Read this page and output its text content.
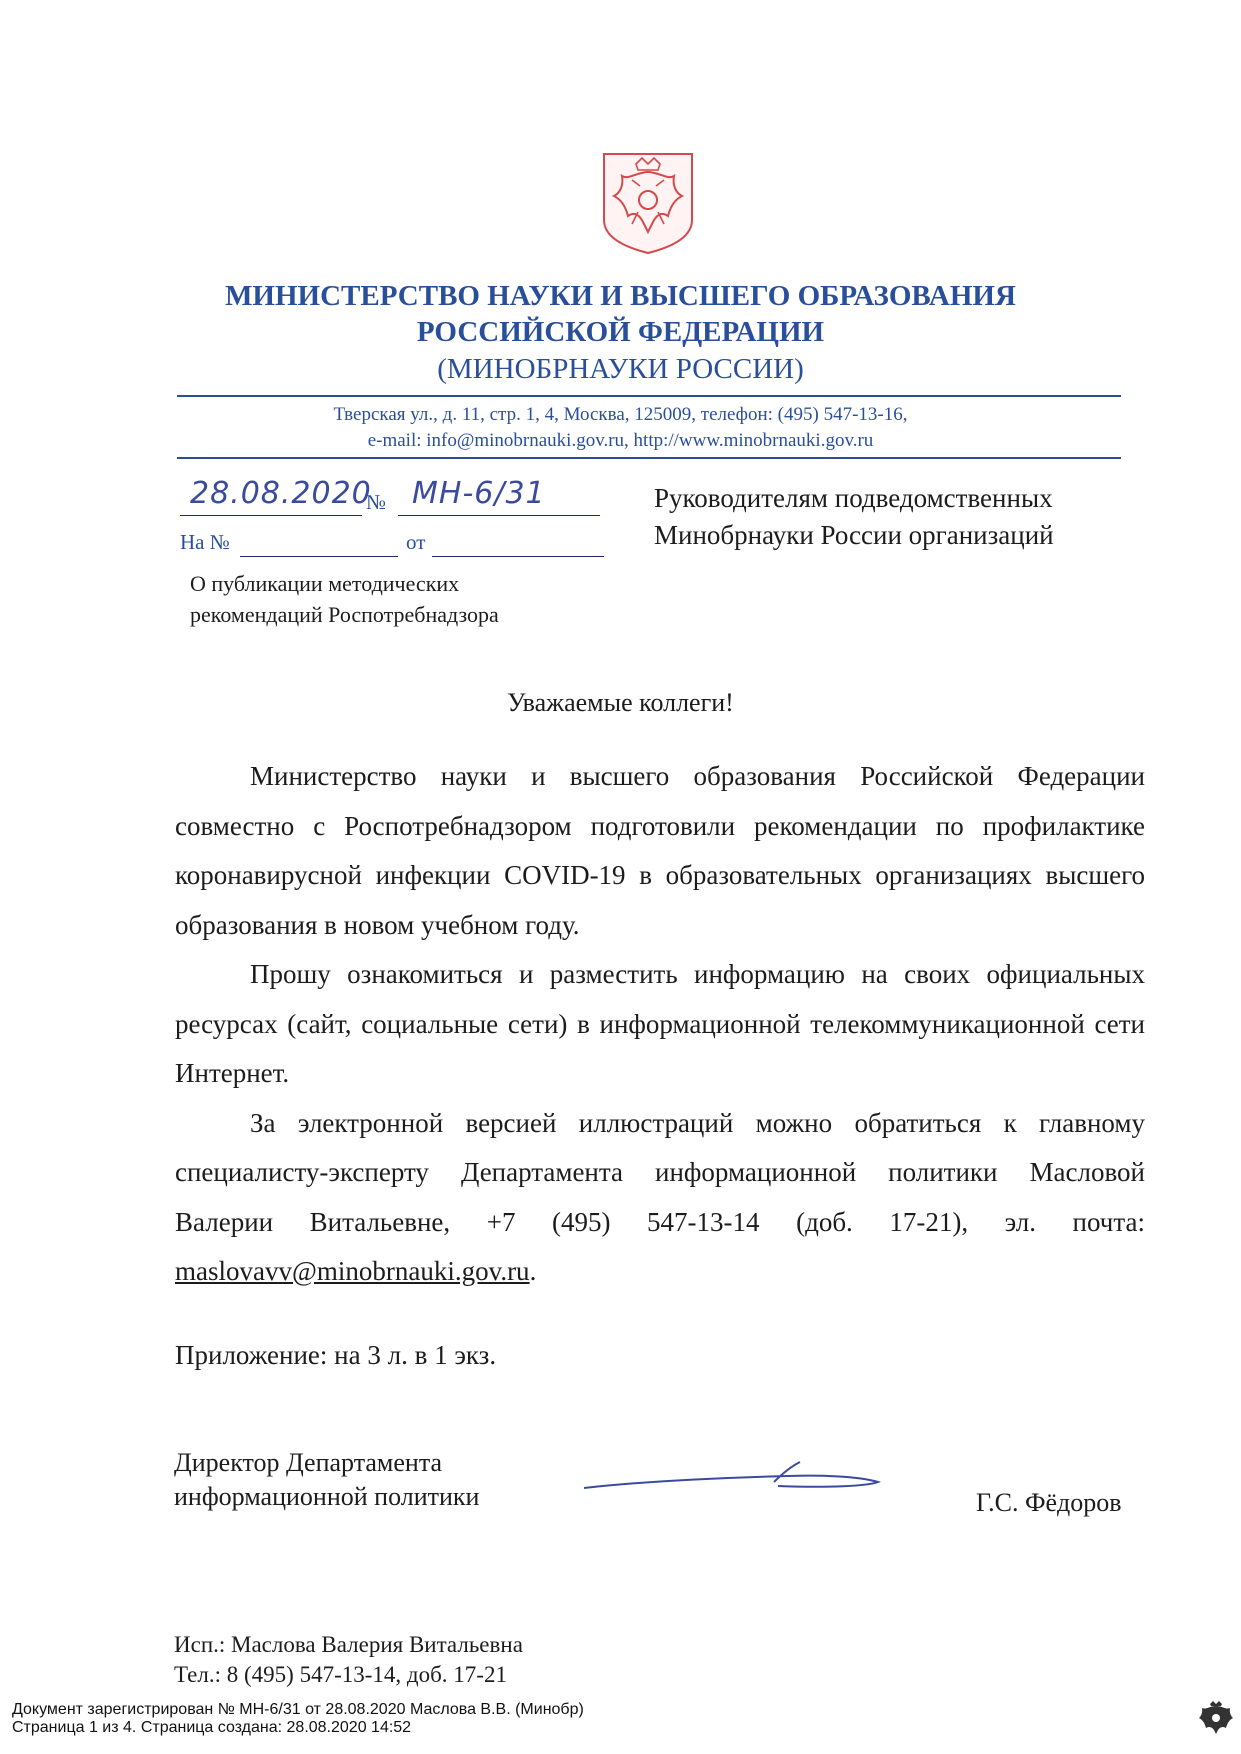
МИНИСТЕРСТВО НАУКИ И ВЫСШЕГО ОБРАЗОВАНИЯ
РОССИЙСКОЙ ФЕДЕРАЦИИ
(МИНОБРНАУКИ РОССИИ)
Тверская ул., д. 11, стр. 1, 4, Москва, 125009, телефон: (495) 547-13-16,
e-mail: info@minobrnauki.gov.ru, http://www.minobrnauki.gov.ru
28.08.2020
№ МН-6/31
На №	от
Руководителям подведомственных
Минобрнауки России организаций
О публикации методических
рекомендаций Роспотребнадзора
Уважаемые коллеги!

Министерство науки и высшего образования Российской Федерации совместно с Роспотребнадзором подготовили рекомендации по профилактике коронавирусной инфекции COVID-19 в образовательных организациях высшего образования в новом учебном году.

Прошу ознакомиться и разместить информацию на своих официальных ресурсах (сайт, социальные сети) в информационной телекоммуникационной сети Интернет.

За электронной версией иллюстраций можно обратиться к главному специалисту-эксперту Департамента информационной политики Масловой Валерии Витальевне, +7 (495) 547-13-14 (доб. 17-21), эл. почта: maslovavv@minobrnauki.gov.ru.

Приложение: на 3 л. в 1 экз.
Директор Департамента
информационной политики	Г.С. Фёдоров
Исп.: Маслова Валерия Витальевна
Тел.: 8 (495) 547-13-14, доб. 17-21
Документ зарегистрирован № МН-6/31 от 28.08.2020 Маслова В.В. (Минобр)
Страница 1 из 4. Страница создана: 28.08.2020 14:52
